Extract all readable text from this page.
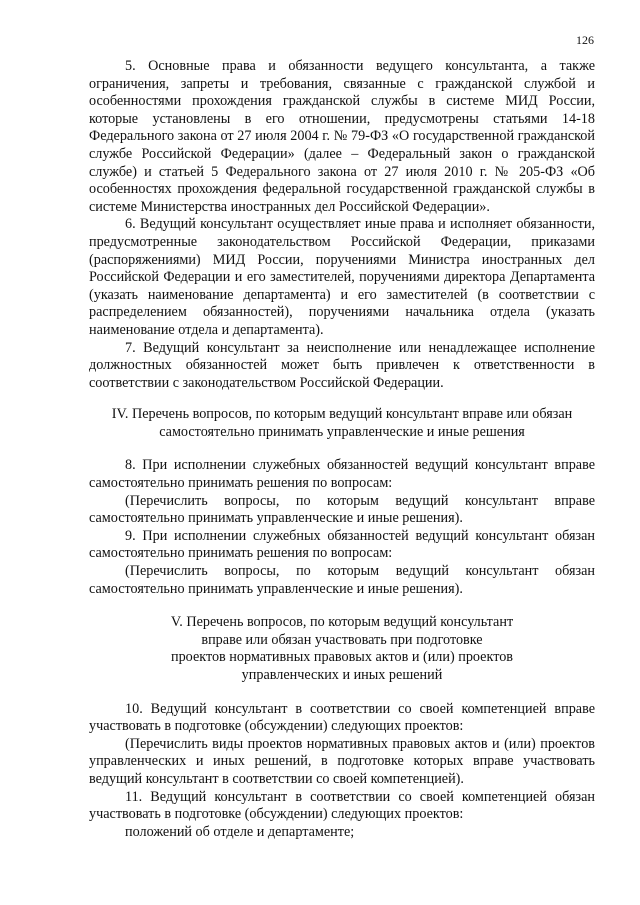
126

5. Основные права и обязанности ведущего консультанта, а также ограничения, запреты и требования, связанные с гражданской службой и особенностями прохождения гражданской службы в системе МИД России, которые установлены в его отношении, предусмотрены статьями 14-18 Федерального закона от 27 июля 2004 г. № 79-ФЗ «О государственной гражданской службе Российской Федерации» (далее – Федеральный закон о гражданской службе) и статьей 5 Федерального закона от 27 июля 2010 г. № 205-ФЗ «Об особенностях прохождения федеральной государственной гражданской службы в системе Министерства иностранных дел Российской Федерации».

6. Ведущий консультант осуществляет иные права и исполняет обязанности, предусмотренные законодательством Российской Федерации, приказами (распоряжениями) МИД России, поручениями Министра иностранных дел Российской Федерации и его заместителей, поручениями директора Департамента (указать наименование департамента) и его заместителей (в соответствии с распределением обязанностей), поручениями начальника отдела (указать наименование отдела и департамента).

7. Ведущий консультант за неисполнение или ненадлежащее исполнение должностных обязанностей может быть привлечен к ответственности в соответствии с законодательством Российской Федерации.

IV. Перечень вопросов, по которым ведущий консультант вправе или обязан
самостоятельно принимать управленческие и иные решения

8. При исполнении служебных обязанностей ведущий консультант вправе самостоятельно принимать решения по вопросам:

(Перечислить вопросы, по которым ведущий консультант вправе самостоятельно принимать управленческие и иные решения).

9. При исполнении служебных обязанностей ведущий консультант обязан самостоятельно принимать решения по вопросам:

(Перечислить вопросы, по которым ведущий консультант обязан самостоятельно принимать управленческие и иные решения).

V. Перечень вопросов, по которым ведущий консультант
вправе или обязан участвовать при подготовке
проектов нормативных правовых актов и (или) проектов
управленческих и иных решений

10. Ведущий консультант в соответствии со своей компетенцией вправе участвовать в подготовке (обсуждении) следующих проектов:

(Перечислить виды проектов нормативных правовых актов и (или) проектов управленческих и иных решений, в подготовке которых вправе участвовать ведущий консультант в соответствии со своей компетенцией).

11. Ведущий консультант в соответствии со своей компетенцией обязан участвовать в подготовке (обсуждении) следующих проектов:

положений об отделе и департаменте;
